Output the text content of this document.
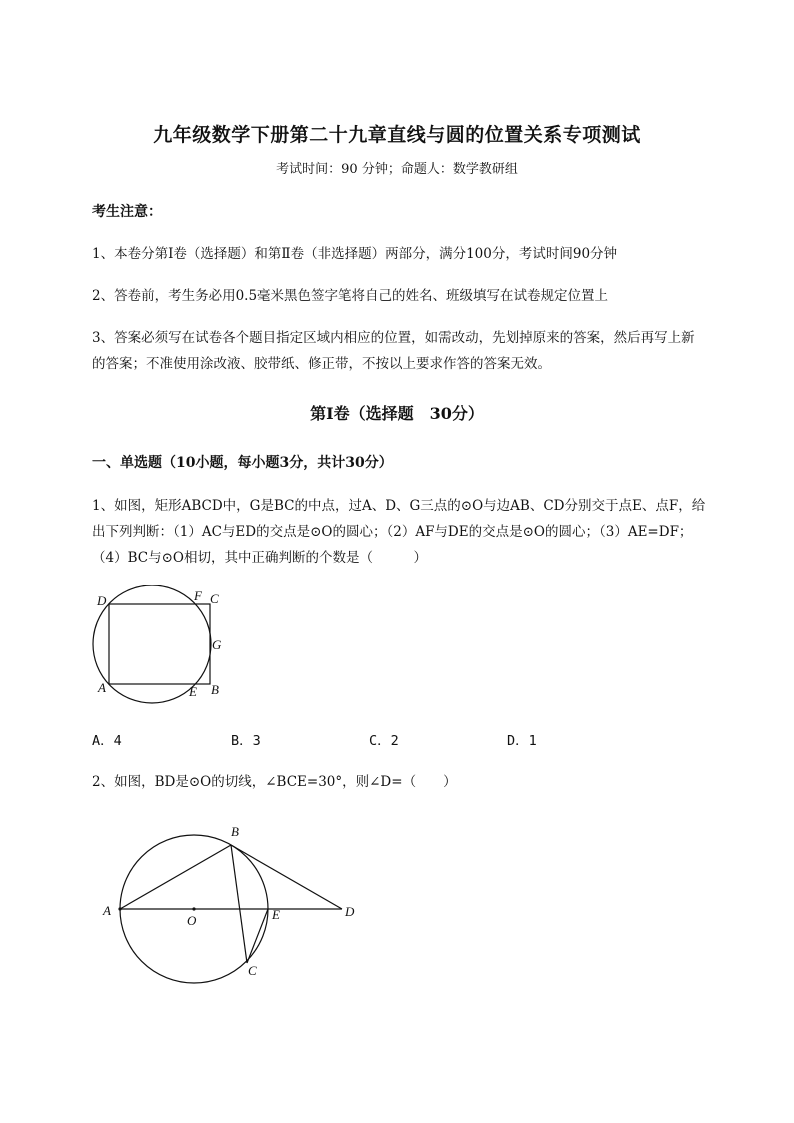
九年级数学下册第二十九章直线与圆的位置关系专项测试
考试时间：90 分钟；命题人：数学教研组
考生注意：
1、本卷分第Ⅰ卷（选择题）和第Ⅱ卷（非选择题）两部分，满分100分，考试时间90分钟
2、答卷前，考生务必用0.5毫米黑色签字笔将自己的姓名、班级填写在试卷规定位置上
3、答案必须写在试卷各个题目指定区域内相应的位置，如需改动，先划掉原来的答案，然后再写上新
的答案；不准使用涂改液、胶带纸、修正带，不按以上要求作答的答案无效。
第Ⅰ卷（选择题　30分）
一、单选题（10小题，每小题3分，共计30分）
1、如图，矩形ABCD中，G是BC的中点，过A、D、G三点的⊙O与边AB、CD分别交于点E、点F，给
出下列判断：（1）AC与ED的交点是⊙O的圆心；（2）AF与DE的交点是⊙O的圆心；（3）AE=DF；
（4）BC与⊙O相切，其中正确判断的个数是（　　　）
D	F C
G
A	E B
A．4	B．3	C．2	D．1
2、如图，BD是⊙O的切线，∠BCE=30°，则∠D=（　　）
B
A
O	E	D
C
